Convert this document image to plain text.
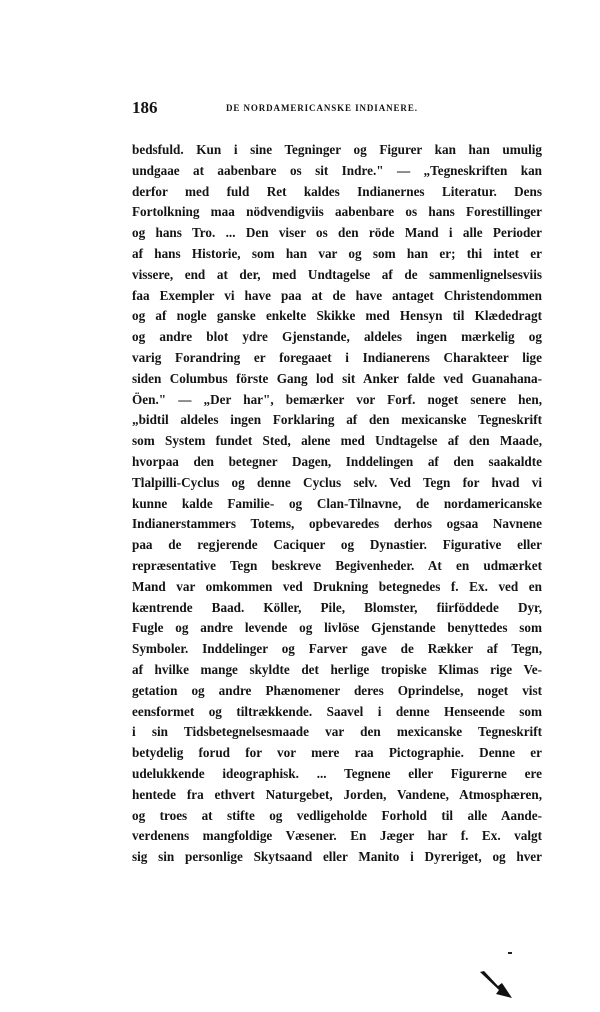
186	DE NORDAMERICANSKE INDIANERE.
bedsfuld. Kun i sine Tegninger og Figurer kan han umulig
undgaae at aabenbare os sit Indre." — „Tegneskriften kan
derfor med fuld Ret kaldes Indianernes Literatur. Dens
Fortolkning maa nödvendigviis aabenbare os hans Forestillinger
og hans Tro. ... Den viser os den röde Mand i alle Perioder
af hans Historie, som han var og som han er; thi intet er
vissere, end at der, med Undtagelse af de sammenlignelsesviis
faa Exempler vi have paa at de have antaget Christendommen
og af nogle ganske enkelte Skikke med Hensyn til Klædedragt
og andre blot ydre Gjenstande, aldeles ingen mærkelig og
varig Forandring er foregaaet i Indianerens Charakteer lige
siden Columbus förste Gang lod sit Anker falde ved Guanahana-
Öen." — „Der har", bemærker vor Forf. noget senere hen,
„bidtil aldeles ingen Forklaring af den mexicanske Tegneskrift
som System fundet Sted, alene med Undtagelse af den Maade,
hvorpaa den betegner Dagen, Inddelingen af den saakaldte
Tlalpilli-Cyclus og denne Cyclus selv. Ved Tegn for hvad vi
kunne kalde Familie- og Clan-Tilnavne, de nordamericanske
Indianerstammers Totems, opbevaredes derhos ogsaa Navnene
paa de regjerende Caciquer og Dynastier. Figurative eller
repræsentative Tegn beskreve Begivenheder. At en udmærket
Mand var omkommen ved Drukning betegnedes f. Ex. ved en
kæntrende Baad. Köller, Pile, Blomster, fiirföddede Dyr,
Fugle og andre levende og livlöse Gjenstande benyttedes som
Symboler. Inddelinger og Farver gave de Rækker af Tegn,
af hvilke mange skyldte det herlige tropiske Klimas rige Ve-
getation og andre Phænomener deres Oprindelse, noget vist
eensformet og tiltrækkende. Saavel i denne Henseende som
i sin Tidsbetegnelsesmaade var den mexicanske Tegneskrift
betydelig forud for vor mere raa Pictographie. Denne er
udelukkende ideographisk. ... Tegnene eller Figurerne ere
hentede fra ethvert Naturgebet, Jorden, Vandene, Atmosphæren,
og troes at stifte og vedligeholde Forhold til alle Aande-
verdenens mangfoldige Væsener. En Jæger har f. Ex. valgt
sig sin personlige Skytsaand eller Manito i Dyreriget, og hver
